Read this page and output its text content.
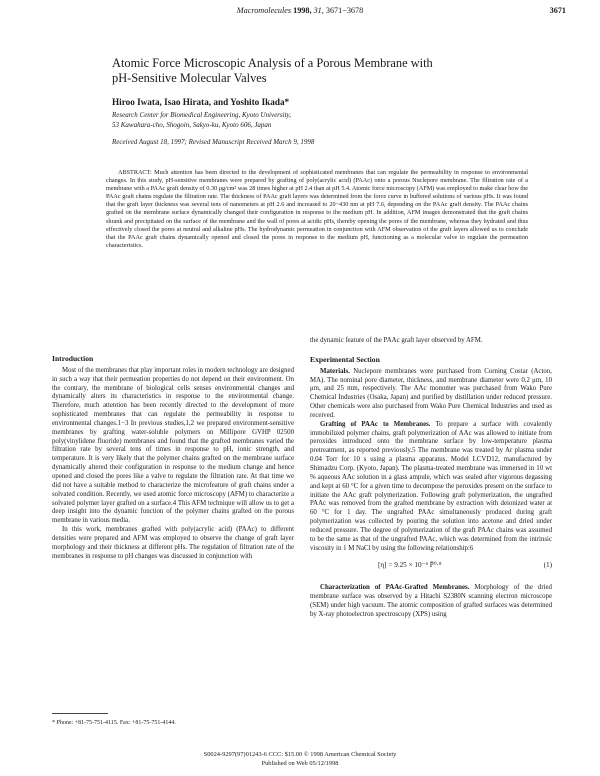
Macromolecules 1998, 31, 3671−3678	3671
Atomic Force Microscopic Analysis of a Porous Membrane with
pH-Sensitive Molecular Valves
Hiroo Iwata, Isao Hirata, and Yoshito Ikada*
Research Center for Biomedical Engineering, Kyoto University,
53 Kawahara-cho, Shogoin, Sakyo-ku, Kyoto 606, Japan
Received August 18, 1997; Revised Manuscript Received March 9, 1998
ABSTRACT: Much attention has been directed to the development of sophisticated membranes that can regulate the permeability in response to environmental changes. In this study, pH-sensitive membranes were prepared by grafting of poly(acrylic acid) (PAAc) onto a porous Nuclepore membrane. The filtration rate of a membrane with a PAAc graft density of 0.30 μg/cm² was 28 times higher at pH 2.4 than at pH 5.4. Atomic force microscopy (AFM) was employed to make clear how the PAAc graft chains regulate the filtration rate. The thickness of PAAc graft layers was determined from the force curve in buffered solutions of various pHs. It was found that the graft layer thickness was several tens of nanometers at pH 2.6 and increased to 20−430 nm at pH 7.6, depending on the PAAc graft density. The PAAc chains grafted on the membrane surface dynamically changed their configuration in response to the medium pH. In addition, AFM images demonstrated that the graft chains shrank and precipitated on the surface of the membrane and the wall of pores at acidic pHs, thereby opening the pores of the membrane, whereas they hydrated and thus effectively closed the pores at neutral and alkaline pHs. The hydrodynamic permeation in conjunction with AFM observation of the graft layers allowed us to conclude that the PAAc graft chains dynamically opened and closed the pores in response to the medium pH, functioning as a molecular valve to regulate the permeation characteristics.
Introduction

Most of the membranes that play important roles in modern technology are designed in such a way that their permeation properties do not depend on their environment. On the contrary, the membrane of biological cells senses environmental changes and dynamically alters its characteristics in response to the environmental change. Therefore, much attention has been recently directed to the development of more sophisticated membranes that can regulate the permeability in response to environmental changes.1−3 In previous studies,1,2 we prepared environment-sensitive membranes by grafting water-soluble polymers on Millipore GVHP 02500 poly(vinylidene fluoride) membranes and found that the grafted membranes varied the filtration rate by several tens of times in response to pH, ionic strength, and temperature. It is very likely that the polymer chains grafted on the membrane surface dynamically altered their configuration in response to the medium change and hence opened and closed the pores like a valve to regulate the filtration rate. At that time we did not have a suitable method to characterize the microfeature of graft chains under a solvated condition. Recently, we used atomic force microscopy (AFM) to characterize a solvated polymer layer grafted on a surface.4 This AFM technique will allow us to get a deep insight into the dynamic function of the polymer chains grafted on the porous membrane in various media.

In this work, membranes grafted with poly(acrylic acid) (PAAc) to different densities were prepared and AFM was employed to observe the change of graft layer morphology and their thickness at different pHs. The regulation of filtration rate of the membranes in response to pH changes was discussed in conjunction with

the dynamic feature of the PAAc graft layer observed by AFM.

Experimental Section

Materials. Nuclepore membranes were purchased from Corning Costar (Acton, MA). The nominal pore diameter, thickness, and membrane diameter were 0.2 μm, 10 μm, and 25 mm, respectively. The AAc monomer was purchased from Wako Pure Chemical Industries (Osaka, Japan) and purified by distillation under reduced pressure. Other chemicals were also purchased from Wako Pure Chemical Industries and used as received.

Grafting of PAAc to Membranes. To prepare a surface with covalently immobilized polymer chains, graft polymerization of AAc was allowed to initiate from peroxides introduced onto the membrane surface by low-temperature plasma pretreatment, as reported previously.5 The membrane was treated by Ar plasma under 0.04 Torr for 10 s using a plasma apparatus, Model LCVD12, manufactured by Shimadzu Corp. (Kyoto, Japan). The plasma-treated membrane was immersed in 10 wt % aqueous AAc solution in a glass ampule, which was sealed after vigorous degassing and kept at 60 °C for a given time to decompose the peroxides present on the surface to initiate the AAc graft polymerization. Following graft polymerization, the ungrafted PAAc was removed from the grafted membrane by extraction with deionized water at 60 °C for 1 day. The ungrafted PAAc simultaneously produced during graft polymerization was collected by pouring the solution into acetone and dried under reduced pressure. The degree of polymerization of the graft PAAc chains was assumed to be the same as that of the ungrafted PAAc, which was determined from the intrinsic viscosity in 1 M NaCl by using the following relationship:6

[η] = 9.25 × 10⁻⁴ P̄⁰·⁸	(1)

Characterization of PAAc-Grafted Membranes. Morphology of the dried membrane surface was observed by a Hitachi S2380N scanning electron microscope (SEM) under high vacuum. The atomic composition of grafted surfaces was determined by X-ray photoelectron spectroscopy (XPS) using

* Phone: +81-75-751-4115. Fax: +81-75-751-4144.
S0024-9297(97)01243-6 CCC: $15.00 © 1998 American Chemical Society
Published on Web 05/12/1998
